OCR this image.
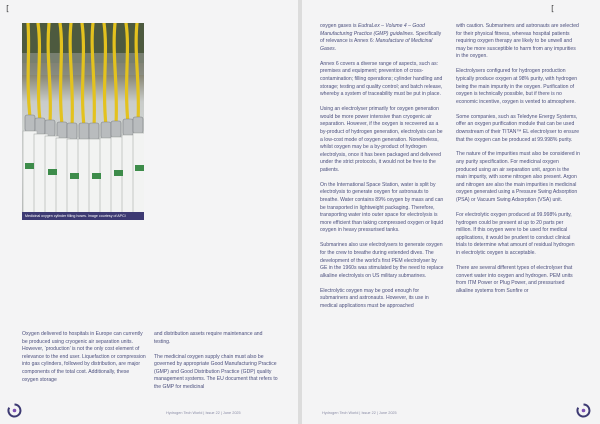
[
Medicinal oxygen cylinder filling hoses. Image courtesy of APCI

Oxygen delivered to hospitals in Europe can currently be produced using cryogenic air separation units. However, ‘production’ is not the only cost element of relevance to the end user. Liquefaction or compression into gas cylinders, followed by distribution, are major components of the total cost. Additionally, these oxygen storage

and distribution assets require maintenance and testing.

The medicinal oxygen supply chain must also be governed by appropriate Good Manufacturing Practice (GMP) and Good Distribution Practice (GDP) quality management systems. The EU document that refers to the GMP for medicinal

Hydrogen Tech World | Issue 22 | June 2025
[

oxygen gases is EudraLex – Volume 4 – Good Manufacturing Practice (GMP) guidelines. Specifically of relevance is Annex 6: Manufacture of Medicinal Gases.

Annex 6 covers a diverse range of aspects, such as: premises and equipment; prevention of cross-contamination; filling operations; cylinder handling and storage; testing and quality control; and batch release, whereby a system of traceability must be put in place.

Using an electrolyser primarily for oxygen generation would be more power intensive than cryogenic air separation. However, if the oxygen is recovered as a by-product of hydrogen generation, electrolysis can be a low-cost mode of oxygen generation. Nonetheless, whilst oxygen may be a by-product of hydrogen electrolysis, once it has been packaged and delivered under the strict protocols, it would not be free to the patients.

On the International Space Station, water is split by electrolysis to generate oxygen for astronauts to breathe. Water contains 89% oxygen by mass and can be transported in lightweight packaging. Therefore, transporting water into outer space for electrolysis is more efficient than taking compressed oxygen or liquid oxygen in heavy pressurised tanks.

Submarines also use electrolysers to generate oxygen for the crew to breathe during extended dives. The development of the world’s first PEM electrolyser by GE in the 1960s was stimulated by the need to replace alkaline electrolysis on US military submarines.

Electrolytic oxygen may be good enough for submariners and astronauts. However, its use in medical applications must be approached

with caution. Submariners and astronauts are selected for their physical fitness, whereas hospital patients requiring oxygen therapy are likely to be unwell and may be more susceptible to harm from any impurities in the oxygen.

Electrolysers configured for hydrogen production typically produce oxygen at 98% purity, with hydrogen being the main impurity in the oxygen. Purification of oxygen is technically possible, but if there is no economic incentive, oxygen is vented to atmosphere.

Some companies, such as Teledyne Energy Systems, offer an oxygen purification module that can be used downstream of their TITAN™ EL electrolyser to ensure that the oxygen can be produced at 99.998% purity.

The nature of the impurities must also be considered in any purity specification. For medicinal oxygen produced using an air separation unit, argon is the main impurity, with some nitrogen also present. Argon and nitrogen are also the main impurities in medicinal oxygen generated using a Pressure Swing Adsorption (PSA) or Vacuum Swing Adsorption (VSA) unit.

For electrolytic oxygen produced at 99.998% purity, hydrogen could be present at up to 20 parts per million. If this oxygen were to be used for medical applications, it would be prudent to conduct clinical trials to determine what amount of residual hydrogen in electrolytic oxygen is acceptable.

There are several different types of electrolyser that convert water into oxygen and hydrogen. PEM units from ITM Power or Plug Power, and pressurised alkaline systems from Sunfire or

Hydrogen Tech World | Issue 22 | June 2025
